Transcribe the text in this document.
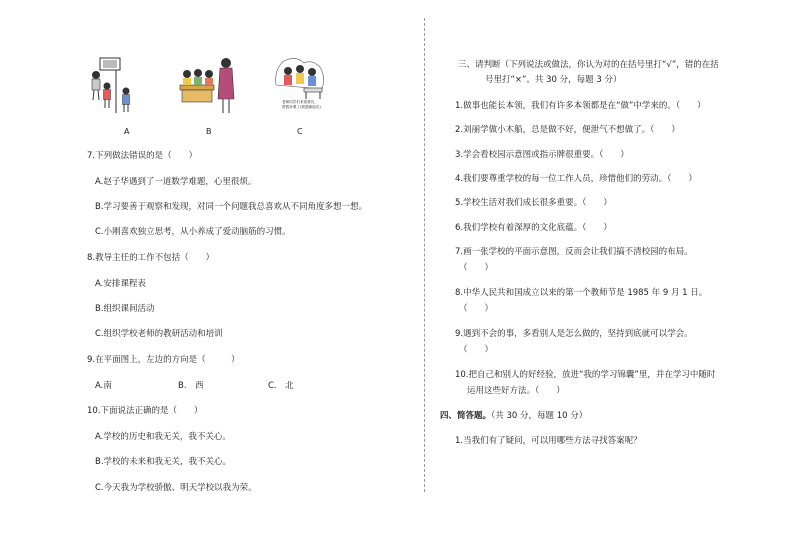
老师同学们来看我们，
帮我补课了(我感谢他们)
A	B	C
7.下列做法错误的是（　　）
A.赵子华遇到了一道数学难题，心里很烦。
B.学习要善于观察和发现，对同一个问题我总喜欢从不同角度多想一想。
C.小刚喜欢独立思考，从小养成了爱动脑筋的习惯。
8.教导主任的工作不包括（　　）
A.安排课程表
B.组织课间活动
C.组织学校老师的教研活动和培训
9.在平面图上，左边的方向是（　　　）
A.南	B.　西	C.　北
10.下面说法正确的是（　　）
A.学校的历史和我无关，我不关心。
B.学校的未来和我无关，我不关心。
C.今天我为学校骄傲、明天学校以我为荣。
三、请判断（下列说法或做法，你认为对的在括号里打“√”，错的在括
号里打“×”。共 30 分，每题 3 分）
1.做事也能长本领，我们有许多本领都是在“做”中学来的。（　　）
2.刘丽学做小木船，总是做不好，便泄气不想做了。（　　）
3.学会看校园示意图或指示牌很重要。（　　）
4.我们要尊重学校的每一位工作人员，珍惜他们的劳动。（　　）
5.学校生活对我们成长很多重要。（　　）
6.我们学校有着深厚的文化底蕴。（　　）
7.画一张学校的平面示意图，反而会让我们搞不清校园的布局。
（　　）
8.中华人民共和国成立以来的第一个教师节是 1985 年 9 月 1 日。
（　　）
9.遇到不会的事，多看别人是怎么做的，坚持到底就可以学会。
（　　）
10.把自己和别人的好经验，放进“我的学习锦囊”里，并在学习中随时
运用这些好方法。（　　）
四、简答题。（共 30 分，每题 10 分）
1.当我们有了疑问，可以用哪些方法寻找答案呢？
